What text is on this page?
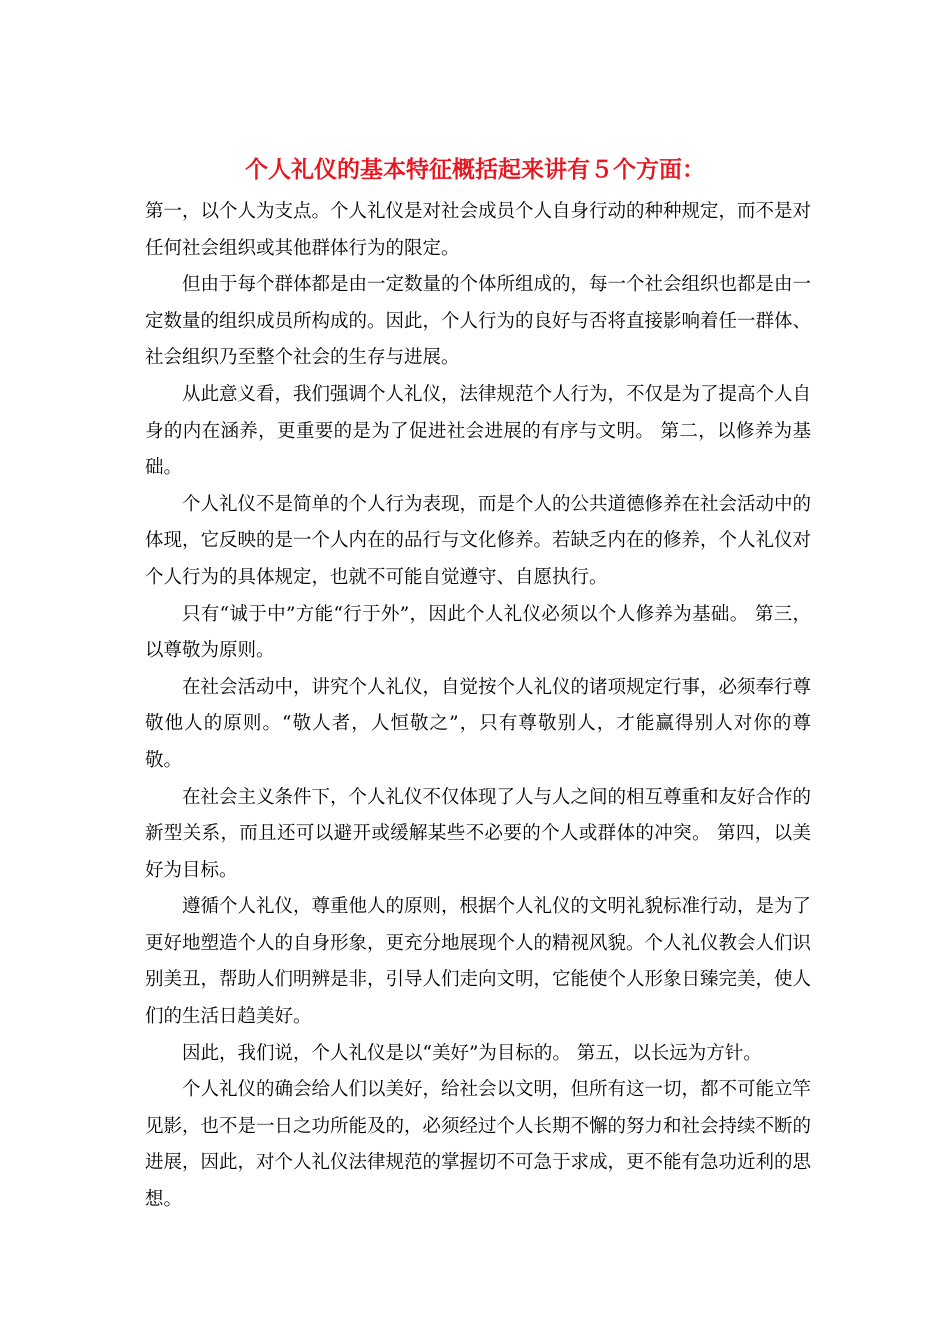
个人礼仪的基本特征概括起来讲有５个方面：

第一，以个人为支点。个人礼仪是对社会成员个人自身行动的种种规定，而不是对任何社会组织或其他群体行为的限定。

但由于每个群体都是由一定数量的个体所组成的，每一个社会组织也都是由一定数量的组织成员所构成的。因此，个人行为的良好与否将直接影响着任一群体、社会组织乃至整个社会的生存与进展。

从此意义看，我们强调个人礼仪，法律规范个人行为，不仅是为了提高个人自身的内在涵养，更重要的是为了促进社会进展的有序与文明。 第二，以修养为基础。

个人礼仪不是简单的个人行为表现，而是个人的公共道德修养在社会活动中的体现，它反映的是一个人内在的品行与文化修养。若缺乏内在的修养，个人礼仪对个人行为的具体规定，也就不可能自觉遵守、自愿执行。

只有“诚于中”方能“行于外”，因此个人礼仪必须以个人修养为基础。 第三，以尊敬为原则。

在社会活动中，讲究个人礼仪，自觉按个人礼仪的诸项规定行事，必须奉行尊敬他人的原则。“敬人者，人恒敬之”，只有尊敬别人，才能赢得别人对你的尊敬。

在社会主义条件下，个人礼仪不仅体现了人与人之间的相互尊重和友好合作的新型关系，而且还可以避开或缓解某些不必要的个人或群体的冲突。 第四，以美好为目标。

遵循个人礼仪，尊重他人的原则，根据个人礼仪的文明礼貌标准行动，是为了更好地塑造个人的自身形象，更充分地展现个人的精视风貌。个人礼仪教会人们识别美丑，帮助人们明辨是非，引导人们走向文明，它能使个人形象日臻完美，使人们的生活日趋美好。

因此，我们说，个人礼仪是以“美好”为目标的。 第五，以长远为方针。

个人礼仪的确会给人们以美好，给社会以文明，但所有这一切，都不可能立竿见影，也不是一日之功所能及的，必须经过个人长期不懈的努力和社会持续不断的进展，因此，对个人礼仪法律规范的掌握切不可急于求成，更不能有急功近利的思想。
